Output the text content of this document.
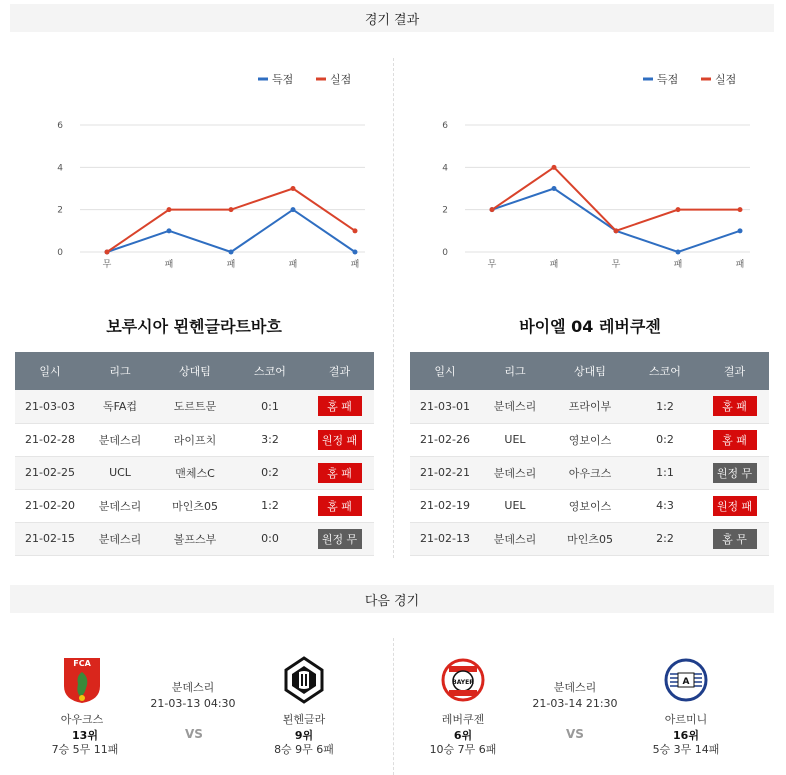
경기 결과
득점	실점
0
2
4
6
무	패	패	패	패
득점	실점
0
2
4
6
무	패	무	패	패
보루시아 묀헨글라트바흐	바이엘 04 레버쿠젠
일시	리그	상대팀	스코어	결과
21-03-03	독FA컵	도르트문	0:1	홈 패
21-02-28	분데스리	라이프치	3:2	원정 패
21-02-25	UCL	맨체스C	0:2	홈 패
21-02-20	분데스리	마인츠05	1:2	홈 패
21-02-15	분데스리	볼프스부	0:0	원정 무
일시	리그	상대팀	스코어	결과
21-03-01	분데스리	프라이부	1:2	홈 패
21-02-26	UEL	영보이스	0:2	홈 패
21-02-21	분데스리	아우크스	1:1	원정 무
21-02-19	UEL	영보이스	4:3	원정 패
21-02-13	분데스리	마인츠05	2:2	홈 무
다음 경기
FCA
아우크스
13위
7승 5무 11패
분데스리
21-03-13 04:30
VS
묀헨글라
9위
8승 9무 6패
BAYER
레버쿠젠
6위
10승 7무 6패
분데스리
21-03-14 21:30
VS
A
아르미니
16위
5승 3무 14패
